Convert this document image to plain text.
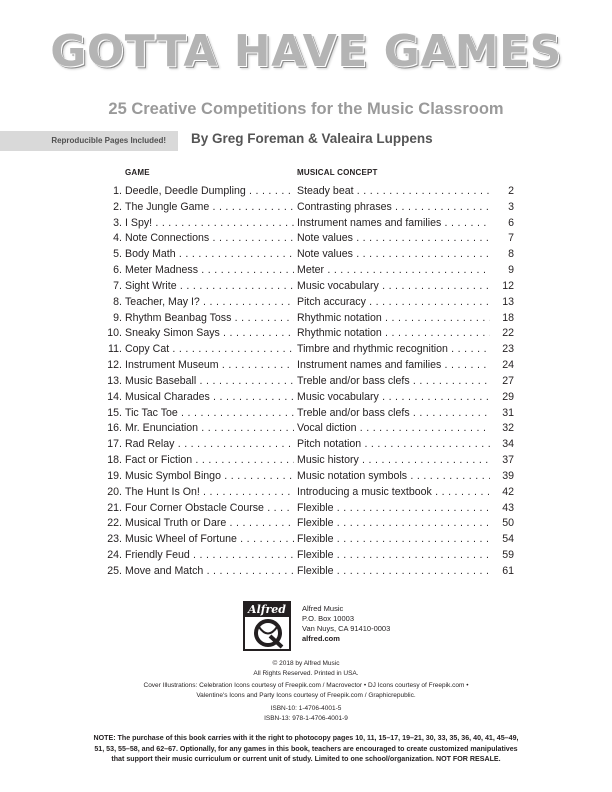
GOTTA HAVE GAMES
25 Creative Competitions for the Music Classroom
Reproducible Pages Included!	By Greg Foreman & Valeaira Luppens
GAME	MUSICAL CONCEPT
1. Deedle, Deedle Dumpling . . .	Steady beat . . .	2
2. The Jungle Game . . .	Contrasting phrases . . .	3
3. I Spy! . . .	Instrument names and families . . .	6
4. Note Connections . . .	Note values . . .	7
5. Body Math . . .	Note values . . .	8
6. Meter Madness . . .	Meter . . .	9
7. Sight Write . . .	Music vocabulary . . .	12
8. Teacher, May I? . . .	Pitch accuracy . . .	13
9. Rhythm Beanbag Toss . . .	Rhythmic notation . . .	18
10. Sneaky Simon Says . . .	Rhythmic notation . . .	22
11. Copy Cat . . .	Timbre and rhythmic recognition . . .	23
12. Instrument Museum . . .	Instrument names and families . . .	24
13. Music Baseball . . .	Treble and/or bass clefs . . .	27
14. Musical Charades . . .	Music vocabulary . . .	29
15. Tic Tac Toe . . .	Treble and/or bass clefs . . .	31
16. Mr. Enunciation . . .	Vocal diction . . .	32
17. Rad Relay . . .	Pitch notation . . .	34
18. Fact or Fiction . . .	Music history . . .	37
19. Music Symbol Bingo . . .	Music notation symbols . . .	39
20. The Hunt Is On! . . .	Introducing a music textbook . . .	42
21. Four Corner Obstacle Course . . .	Flexible . . .	43
22. Musical Truth or Dare . . .	Flexible . . .	50
23. Music Wheel of Fortune . . .	Flexible . . .	54
24. Friendly Feud . . .	Flexible . . .	59
25. Move and Match . . .	Flexible . . .	61
Alfred	Alfred Music
P.O. Box 10003
Van Nuys, CA 91410-0003
alfred.com
© 2018 by Alfred Music
All Rights Reserved. Printed in USA.
Cover Illustrations: Celebration Icons courtesy of Freepik.com / Macrovector • DJ Icons courtesy of Freepik.com •
Valentine's Icons and Party Icons courtesy of Freepik.com / Graphicrepublic.
ISBN-10: 1-4706-4001-5
ISBN-13: 978-1-4706-4001-9
NOTE: The purchase of this book carries with it the right to photocopy pages 10, 11, 15–17, 19–21, 30, 33, 35, 36, 40, 41, 45–49,
51, 53, 55–58, and 62–67. Optionally, for any games in this book, teachers are encouraged to create customized manipulatives
that support their music curriculum or current unit of study. Limited to one school/organization. NOT FOR RESALE.
